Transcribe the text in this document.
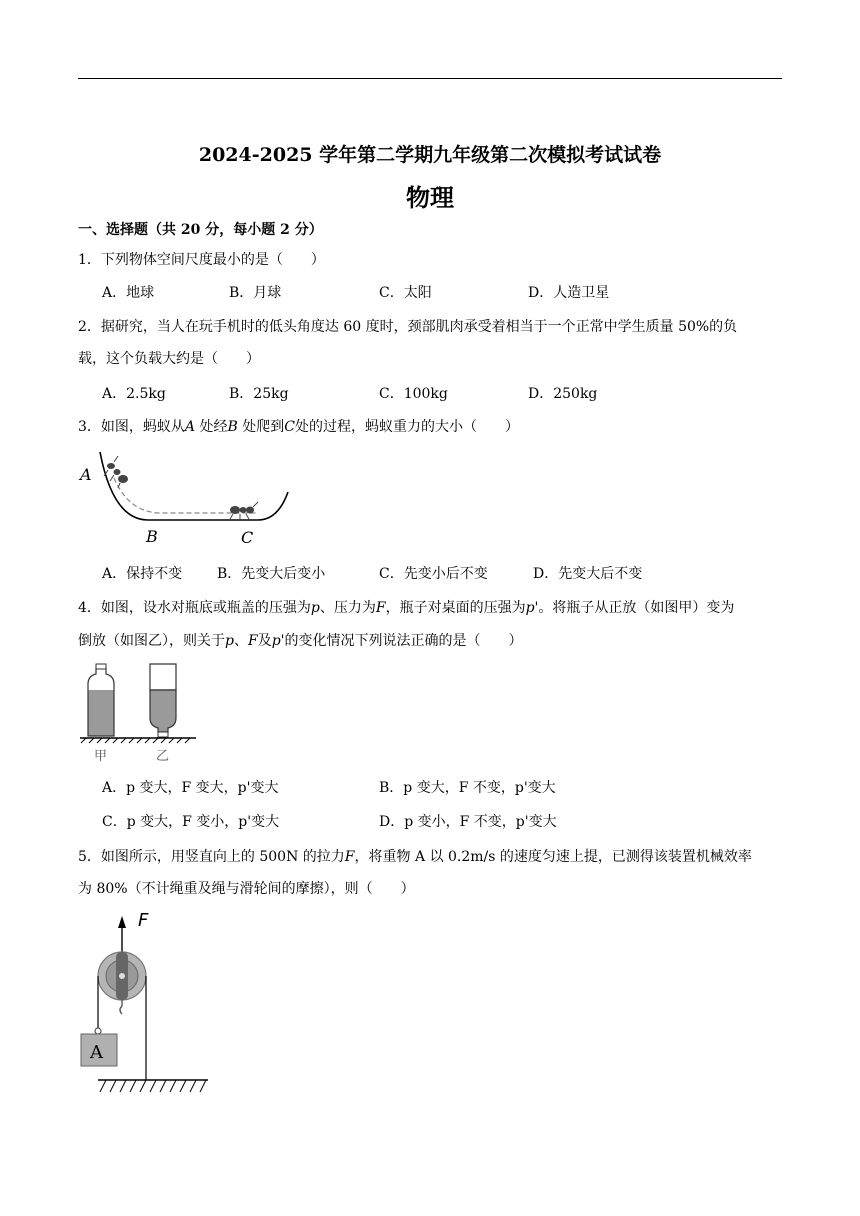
2024-2025 学年第二学期九年级第二次模拟考试试卷
物理
一、选择题（共 20 分，每小题 2 分）
1．下列物体空间尺度最小的是（　　）
A．地球	B．月球	C．太阳	D．人造卫星
2．据研究，当人在玩手机时的低头角度达 60 度时，颈部肌肉承受着相当于一个正常中学生质量 50%的负
载，这个负载大约是（　　）
A．2.5kg	B．25kg	C．100kg	D．250kg
3．如图，蚂蚁从A 处经B 处爬到C处的过程，蚂蚁重力的大小（　　）
A
B	C
A．保持不变 B．先变大后变小	C．先变小后不变	D．先变大后不变
4．如图，设水对瓶底或瓶盖的压强为p、压力为F，瓶子对桌面的压强为p'。将瓶子从正放（如图甲）变为
倒放（如图乙），则关于p、F及p'的变化情况下列说法正确的是（　　）
甲	乙
A．p 变大，F 变大，p'变大	B．p 变大，F 不变，p'变大
C．p 变大，F 变小，p'变大	D．p 变小，F 不变，p'变大
5．如图所示，用竖直向上的 500N 的拉力F，将重物 A 以 0.2m/s 的速度匀速上提，已测得该装置机械效率
为 80%（不计绳重及绳与滑轮间的摩擦），则（　　）
F
A
